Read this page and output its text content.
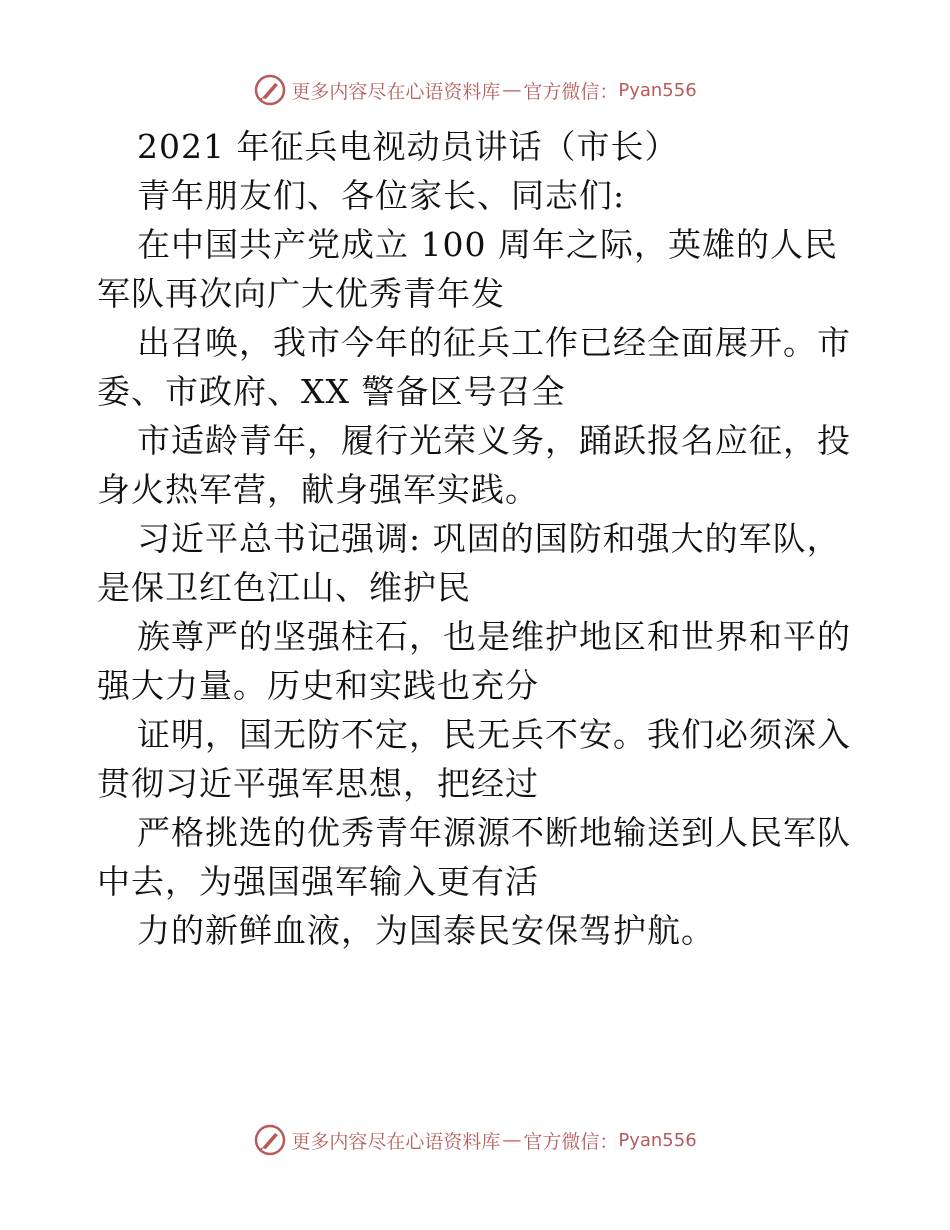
更多内容尽在心语资料库 — 官方微信： Pyan556
2021 年征兵电视动员讲话（市长）
青年朋友们、各位家长、同志们:
在中国共产党成立 100 周年之际，英雄的人民
军队再次向广大优秀青年发
出召唤，我市今年的征兵工作已经全面展开。市
委、市政府、XX 警备区号召全
市适龄青年，履行光荣义务，踊跃报名应征，投
身火热军营，献身强军实践。
习近平总书记强调: 巩固的国防和强大的军队，
是保卫红色江山、维护民
族尊严的坚强柱石，也是维护地区和世界和平的
强大力量。历史和实践也充分
证明，国无防不定，民无兵不安。我们必须深入
贯彻习近平强军思想，把经过
严格挑选的优秀青年源源不断地输送到人民军队
中去，为强国强军输入更有活
力的新鲜血液，为国泰民安保驾护航。
更多内容尽在心语资料库 — 官方微信： Pyan556
